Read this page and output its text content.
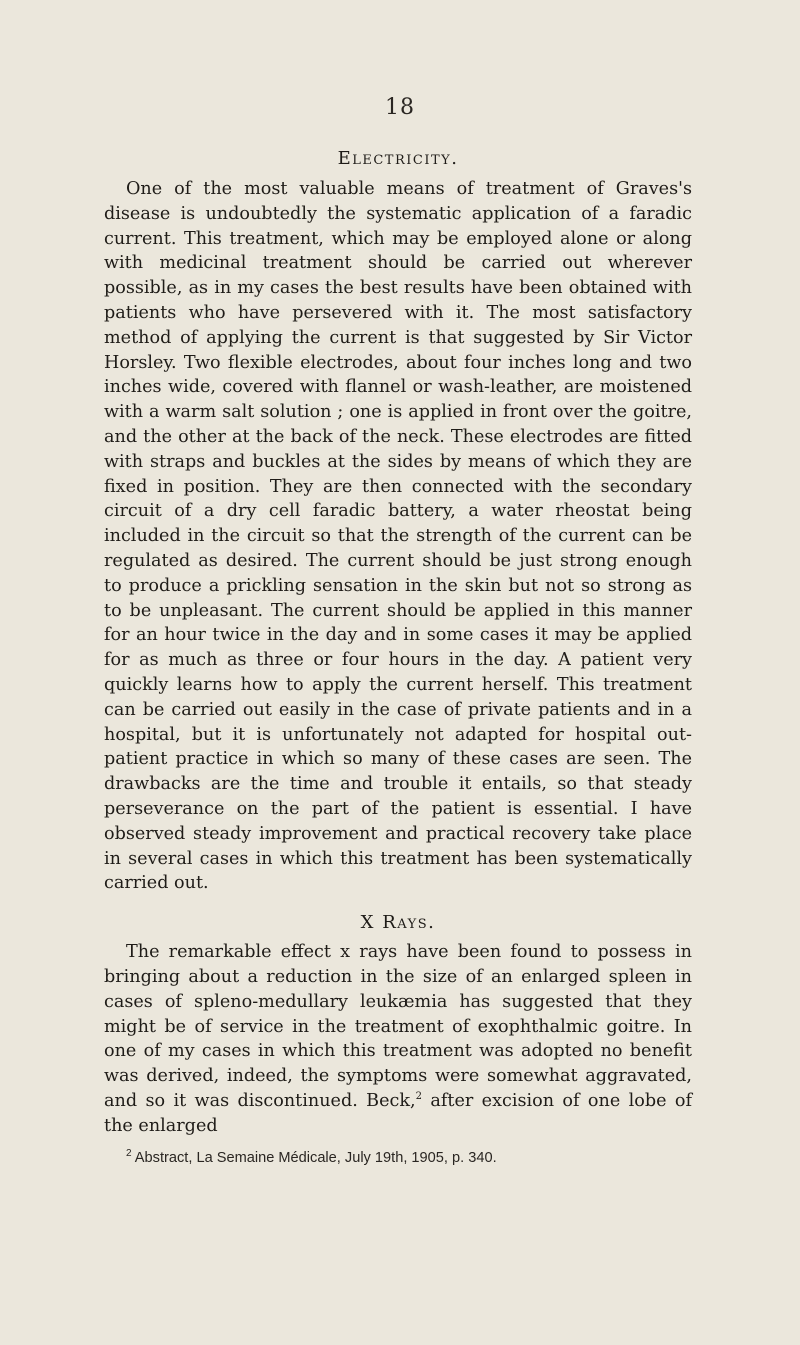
18
Electricity.

One of the most valuable means of treatment of Graves's disease is undoubtedly the systematic application of a faradic current. This treatment, which may be employed alone or along with medicinal treatment should be carried out wherever possible, as in my cases the best results have been obtained with patients who have persevered with it. The most satisfactory method of applying the current is that suggested by Sir Victor Horsley. Two flexible electrodes, about four inches long and two inches wide, covered with flannel or wash-leather, are moistened with a warm salt solution ; one is applied in front over the goitre, and the other at the back of the neck. These electrodes are fitted with straps and buckles at the sides by means of which they are fixed in position. They are then connected with the secondary circuit of a dry cell faradic battery, a water rheostat being included in the circuit so that the strength of the current can be regulated as desired. The current should be just strong enough to produce a prickling sensation in the skin but not so strong as to be unpleasant. The current should be applied in this manner for an hour twice in the day and in some cases it may be applied for as much as three or four hours in the day. A patient very quickly learns how to apply the current herself. This treatment can be carried out easily in the case of private patients and in a hospital, but it is unfortunately not adapted for hospital out-patient practice in which so many of these cases are seen. The drawbacks are the time and trouble it entails, so that steady perseverance on the part of the patient is essential. I have observed steady improvement and practical recovery take place in several cases in which this treatment has been systematically carried out.

X Rays.

The remarkable effect x rays have been found to possess in bringing about a reduction in the size of an enlarged spleen in cases of spleno-medullary leukæmia has suggested that they might be of service in the treatment of exophthalmic goitre. In one of my cases in which this treatment was adopted no benefit was derived, indeed, the symptoms were somewhat aggravated, and so it was discontinued. Beck,$^2$ after excision of one lobe of the enlarged

$^2$ Abstract, La Semaine Médicale, July 19th, 1905, p. 340.
